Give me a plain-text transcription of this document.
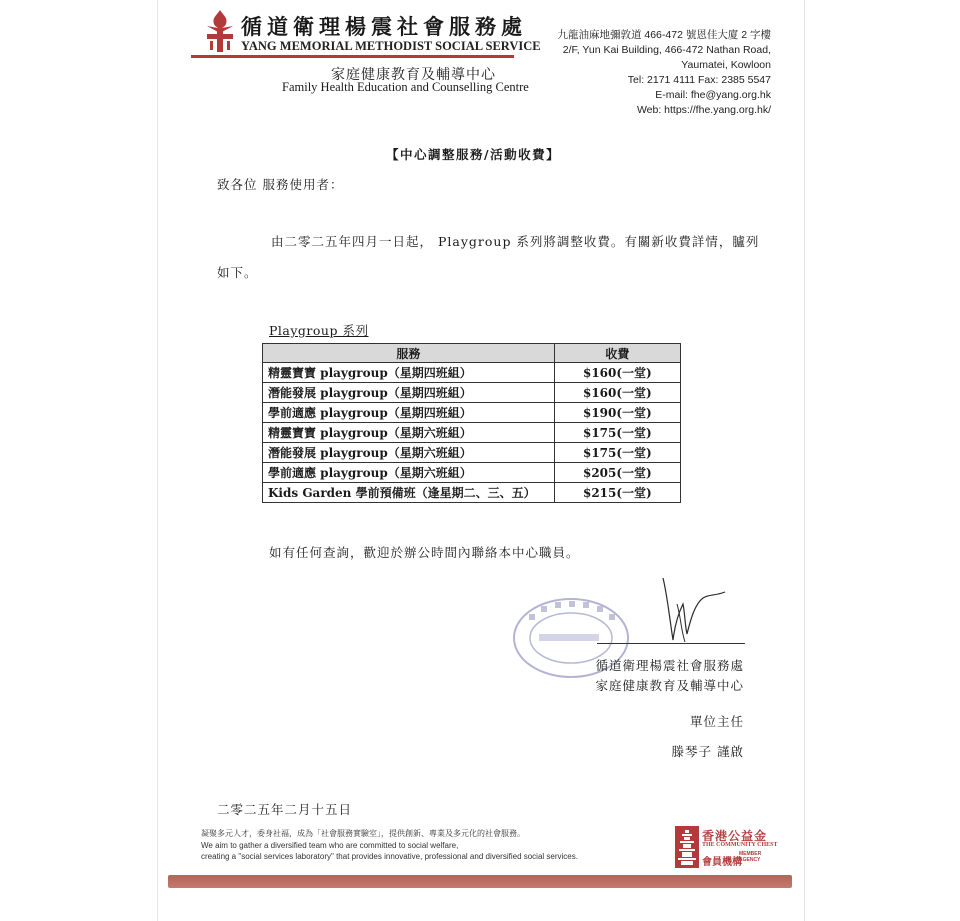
循道衛理楊震社會服務處
YANG MEMORIAL METHODIST SOCIAL SERVICE
家庭健康教育及輔導中心
Family Health Education and Counselling Centre
九龍油麻地彌敦道 466-472 號恩佳大廈 2 字樓
2/F, Yun Kai Building, 466-472 Nathan Road,
Yaumatei, Kowloon
Tel: 2171 4111 Fax: 2385 5547
E-mail: fhe@yang.org.hk
Web: https://fhe.yang.org.hk/
【中心調整服務/活動收費】
致各位 服務使用者：
由二零二五年四月一日起， Playgroup 系列將調整收費。有關新收費詳情，臚列
如下。
Playgroup 系列
服務	收費
精靈寶寶 playgroup（星期四班組）	$160(一堂)
潛能發展 playgroup（星期四班組）	$160(一堂)
學前適應 playgroup（星期四班組）	$190(一堂)
精靈寶寶 playgroup（星期六班組）	$175(一堂)
潛能發展 playgroup（星期六班組）	$175(一堂)
學前適應 playgroup（星期六班組）	$205(一堂)
Kids Garden 學前預備班（逢星期二、三、五）	$215(一堂)
如有任何查詢，歡迎於辦公時間內聯絡本中心職員。
循道衛理楊震社會服務處
家庭健康教育及輔導中心
單位主任
滕琴子 謹啟
二零二五年二月十五日
凝聚多元人才，委身社福，成為「社會服務實驗室」，提供創新、專業及多元化的社會服務。
We aim to gather a diversified team who are committed to social welfare,
creating a "social services laboratory" that provides innovative, professional and diversified social services.
香港公益金
THE COMMUNITY CHEST
會員機構
MEMBER AGENCY
